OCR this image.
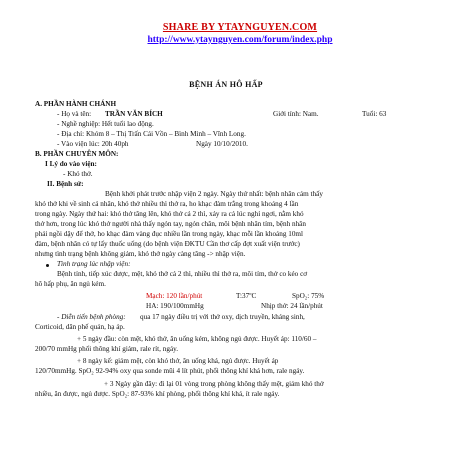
SHARE BY YTAYNGUYEN.COM
http://www.ytaynguyen.com/forum/index.php
BỆNH ÁN HÔ HẤP
A. PHẦN HÀNH CHÁNH
- Họ và tên: TRẦN VĂN BÍCH	Giới tính: Nam.	Tuổi: 63
- Nghề nghiệp: Hết tuổi lao động.
- Địa chỉ: Khóm 8 – Thị Trấn Cái Vồn – Bình Minh – Vĩnh Long.
- Vào viện lúc: 20h 40ph	Ngày 10/10/2010.
B. PHẦN CHUYÊN MÔN:
I Lý do vào viện:
- Khó thở.
II. Bệnh sử:
Bệnh khởi phát trước nhập viện 2 ngày. Ngày thứ nhất: bệnh nhân cảm thấy
khó thở khi về sinh cá nhân, khó thở nhiều thì thở ra, ho khạc đàm trắng trong khoảng 4 lần
trong ngày. Ngày thứ hai: khó thở tăng lên, khó thở cả 2 thì, xảy ra cả lúc nghỉ ngơi, nằm khó
thở hơn, trong lúc khó thở người nhà thấy ngón tay, ngón chân, môi bệnh nhân tím, bệnh nhân
phải ngồi dậy để thở, ho khạc đàm vàng đục nhiều lần trong ngày, khạc mỗi lần khoảng 10ml
đàm, bệnh nhân có tự lấy thuốc uống (do bệnh viện ĐKTU Cần thơ cấp đợt xuất viện trước)
nhưng tình trạng bệnh không giảm, khó thở ngày càng tăng -> nhập viện.
Tình trạng lúc nhập viện:
Bệnh tỉnh, tiếp xúc được, mệt, khó thở cả 2 thì, nhiều thì thở ra, môi tím, thở co kéo cơ
hô hấp phụ, ăn ngủ kém.
Mạch: 120 lần/phút	T:37ºC	SpO₂: 75%
HA: 190/100mmHg	Nhịp thở: 24 lần/phút
- Diễn tiến bệnh phòng: qua 17 ngày điều trị với thở oxy, dịch truyền, kháng sinh,
Corticoid, dãn phế quản, hạ áp.
+ 5 ngày đầu: còn mệt, khó thở, ăn uống kém, không ngủ được. Huyết áp: 110/60 –
200/70 mmHg phối thông khí giảm, rale rít, ngáy.
+ 8 ngày kế: giảm mệt, còn khó thở, ăn uống khá, ngủ được. Huyết áp
120/70mmHg. SpO₂ 92-94% oxy qua sonde mũi 4 lít phút, phổi thông khí khá hơn, rale ngáy.
+ 3 Ngày gần đây: đi lại 01 vòng trong phòng không thấy mệt, giảm khó thở
nhiều, ăn được, ngủ được. SpO₂: 87-93% khí phòng, phổi thông khí khá, ít rale ngáy.
